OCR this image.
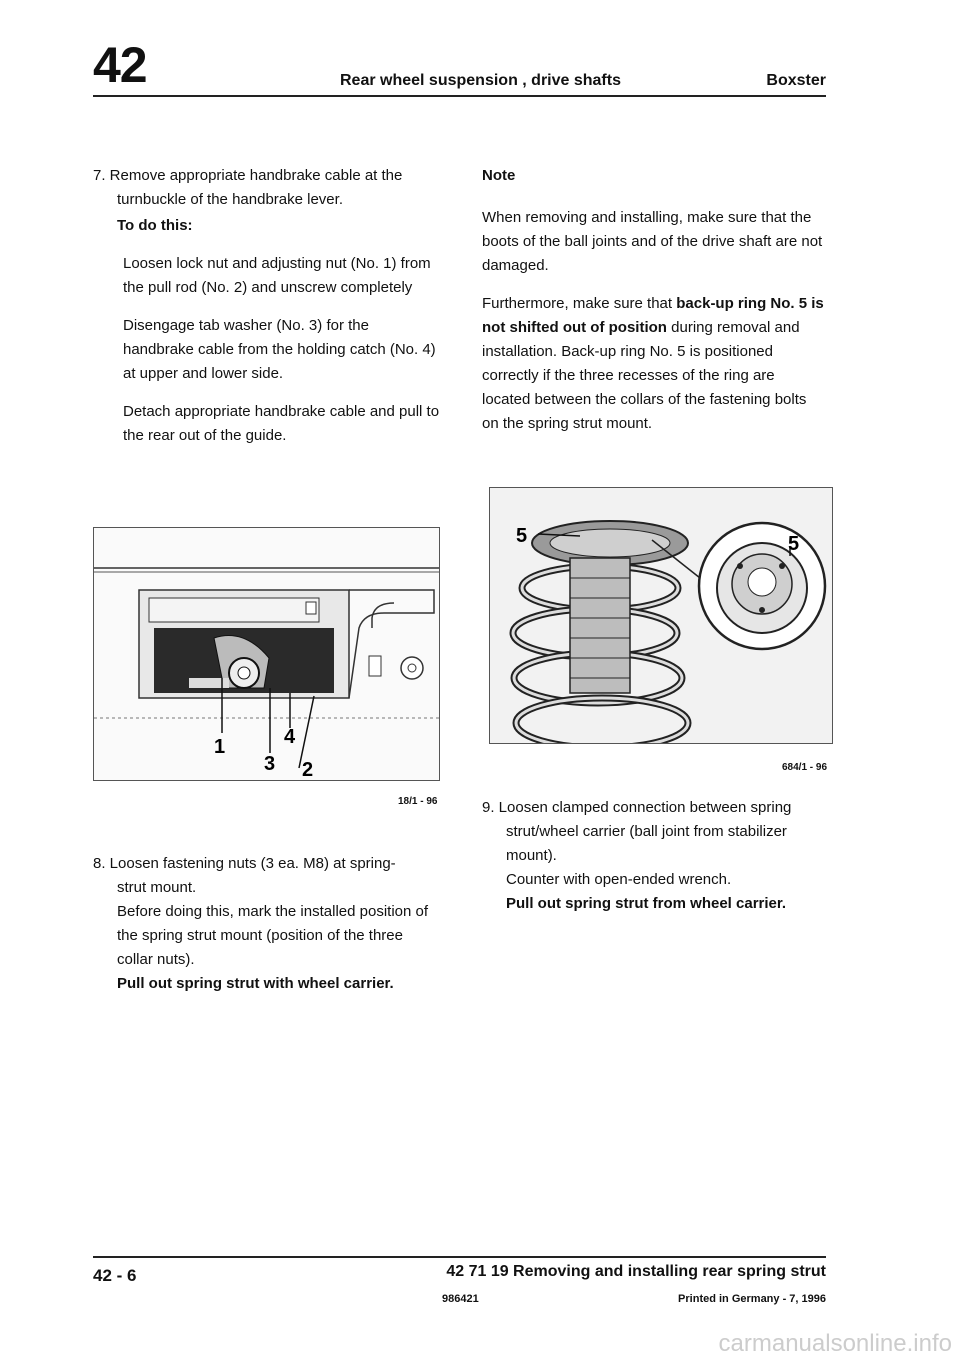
42	Rear wheel suspension , drive shafts	Boxster

7. Remove appropriate handbrake cable at the

turnbuckle of the handbrake lever.

To do this:

Loosen lock nut and adjusting nut (No. 1) from the pull rod (No. 2) and unscrew completely

Disengage tab washer (No. 3) for the handbrake cable from the holding catch (No. 4) at upper and lower side.

Detach appropriate handbrake cable and pull to the rear out of the guide.

1
3
4
2
18/1 - 96

8. Loosen fastening nuts (3 ea. M8) at spring-

strut mount.

Before doing this, mark the installed position of the spring strut mount (position of the three collar nuts).

Pull out spring strut with wheel carrier.

Note

When removing and installing, make sure that the boots of the ball joints and of the drive shaft are not damaged.

Furthermore, make sure that back-up ring No. 5 is not shifted out of position during removal and installation. Back-up ring No. 5 is positioned correctly if the three recesses of the ring are located between the collars of the fastening bolts on the spring strut mount.

5	5
684/1 - 96

9. Loosen clamped connection between spring

strut/wheel carrier (ball joint from stabilizer mount).

Counter with open-ended wrench.

Pull out spring strut from wheel carrier.

42 - 6	42 71 19 Removing and installing rear spring strut
986421	Printed in Germany - 7, 1996
carmanualsonline.info
